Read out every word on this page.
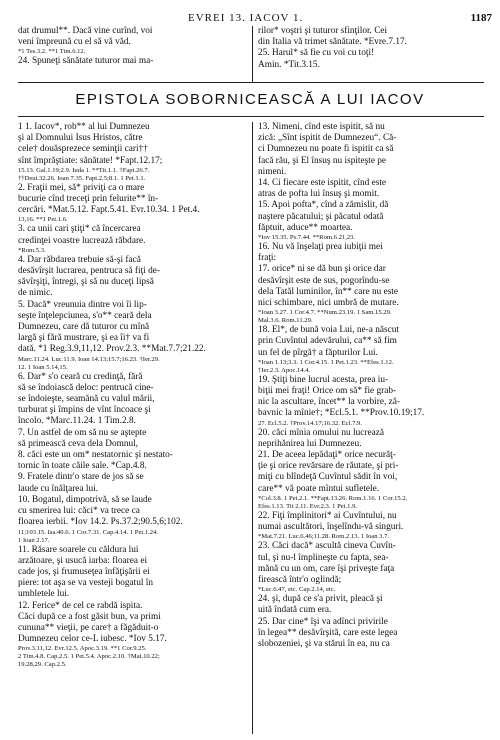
EVREI 13. IACOV 1.	1187
dat drumul**. Dacă vine curînd, voi
veni împreună cu el să vă văd.
*1 Tes.3.2. **1 Tim.6.12.
24. Spuneţi sănătate tuturor mai ma-
rilor* voştri şi tuturor sfinţilor. Cei
din Italia vă trimet sănătate. *Evre.7.17.
25. Harul* să fie cu voi cu toţi!
Amin. *Tit.3.15.
EPISTOLA SOBORNICEASCĂ A LUI IACOV
1 1. Iacov*, rob** al lui Dumnezeu
şi al Domnului Isus Hristos, către
cele† douăsprezece seminţii cari††
sînt împrăştiate: sănătate! *Fapt.12.17;
15.13. Gal.1.19;2.9. Iuda 1. **Tit.1.1. †Fapt.26.7.
††Deut.32.26. Ioan 7.35. Fapt.2.5;8.1. 1 Pet.1.1.
2. Fraţii mei, să* priviţi ca o mare
bucurie cînd treceţi prin felurite** în-
cercări. *Mat.5.12. Fapt.5.41. Evr.10.34. 1 Pet.4.
13,16. **1 Pet.1.6.
3. ca unii cari ştiţi* că încercarea
credinţei voastre lucrează răbdare.
*Rom.5.3.
4. Dar răbdarea trebuie să-şi facă
desăvîrşit lucrarea, pentruca să fiţi de-
săvîrşiţi, întregi, şi să nu duceţi lipsă
de nimic.
5. Dacă* vreunuia dintre voi îi lip-
seşte înţelepciunea, s'o** ceară dela
Dumnezeu, care dă tuturor cu mînă
largă şi fără mustrare, şi ea îi† va fi
dată. *1 Reg.3.9,11,12. Prov.2.3. **Mat.7.7;21.22.
Marc.11.24. Luc.11.9. Ioan 14.13;15.7;16.23. †Ier.29.
12. 1 Ioan 5.14,15.
6. Dar* s'o ceară cu credinţă, fără
să se îndoiască deloc: pentrucă cine-
se îndoieşte, seamănă cu valul mării,
turburat şi împins de vînt încoace şi
încolo. *Marc.11.24. 1 Tim.2.8.
7. Un astfel de om să nu se aştepte
să primească ceva dela Domnul,
8. căci este un om* nestatornic şi nestato-
tornic în toate căile sale. *Cap.4.8.
9. Fratele dintr'o stare de jos să se
laude cu înălţarea lui.
10. Bogatul, dimpotrivă, să se laude
cu smerirea lui: căci* va trece ca
floarea ierbii. *Iov 14.2. Ps.37.2;90.5,6;102.
11;103.15. Isa.40.6. 1 Cor.7.31. Cap.4.14. 1 Pet.1.24.
1 Ioan 2.17.
11. Răsare soarele cu căldura lui
arzătoare, şi usucă iarba: floarea ei
cade jos, şi frumuseţea înfăţişării ei
piere: tot aşa se va vesteji bogatul în
umbletele lui.
12. Ferice* de cel ce rabdă ispita.
Căci după ce a fost găsit bun, va primi
cununa** vieţii, pe care† a făgăduit-o
Dumnezeu celor ce-L iubesc. *Iov 5.17.
Prov.3.11,12. Evr.12.5. Apoc.3.19. **1 Cor.9.25.
2 Tim.4.8. Cap.2.5. 1 Pet.5.4. Apoc.2.10. †Mat.10.22;
19.28,29. Cap.2.5.
13. Nimeni, cînd este ispitit, să nu
zică: „Sînt ispitit de Dumnezeu“. Că-
ci Dumnezeu nu poate fi ispitit ca să
facă rău, şi El însuş nu ispiteşte pe
nimeni.
14. Ci fiecare este ispitit, cînd este
atras de pofta lui însuş şi momit.
15. Apoi pofta*, cînd a zămislit, dă
naştere păcatului; şi păcatul odată
făptuit, aduce** moartea.
*Iov 15.35. Ps.7.44. **Rom.6.21,23.
16. Nu vă înşelaţi prea iubiţii mei
fraţi:
17. orice* ni se dă bun şi orice dar
desăvîrşit este de sus, pogorîndu-se
dela Tatăl luminilor, în** care nu este
nici schimbare, nici umbră de mutare.
*Ioan 3.27. 1 Cor.4.7. **Num.23.19. 1 Sam.15.29.
Mal.3.6. Rom.11.29.
18. El*, de bună voia Lui, ne-a născut
prin Cuvîntul adevărului, ca** să fim
un fel de pîrgă† a făpturilor Lui.
*Ioan 1.13;3.3. 1 Cor.4.15. 1 Pet.1.23. **Efes.1.12.
†Ier.2.3. Apoc.14.4.
19. Ştiţi bine lucrul acesta, prea iu-
biţii mei fraţi! Orice om să* fie grab-
nic la ascultare, încet** la vorbire, ză-
bavnic la mînie†; *Ecl.5.1. **Prov.10.19;17.
27. Ecl.5.2. †Prov.14.17;16.32. Ecl.7.9.
20. căci mînia omului nu lucrează
neprihănirea lui Dumnezeu.
21. De aceea lepădaţi* orice necurăţ-
ţie şi orice revărsare de răutate, şi pri-
miţi cu blîndeţă Cuvîntul sădit în voi,
care** vă poate mîntui sufletele.
*Col.3.8. 1 Pet.2.1. **Fapt.13.26. Rom.1.16. 1 Cor.15.2.
Efes.1.13. Tit 2.11. Evr.2.3. 1 Pet.1.9.
22. Fiţi împlinitori* ai Cuvîntului, nu
numai ascultători, înşelîndu-vă singuri.
*Mat.7.21. Luc.6.46;11.28. Rom.2.13. 1 Ioan 3.7.
23. Căci dacă* ascultă cineva Cuvîn-
tul, şi nu-l împlineşte cu fapta, sea-
mănă cu un om, care îşi priveşte faţa
firească într'o oglindă;
*Luc.6.47, etc. Cap.2.14, etc.
24. şi, după ce s'a privit, pleacă şi
uită îndată cum era.
25. Dar cine* îşi va adînci privirile
în legea** desăvîrşită, care este legea
slobozeniei, şi va stărui în ea, nu ca
